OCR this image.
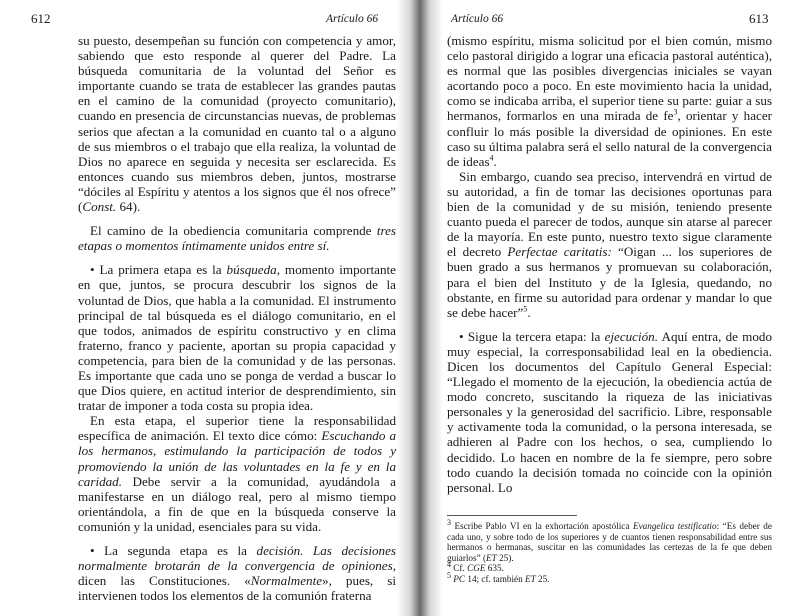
612	Artículo 66

su puesto, desempeñan su función con competencia y amor, sabiendo que esto responde al querer del Padre. La búsqueda comunitaria de la voluntad del Señor es importante cuando se trata de establecer las grandes pautas en el camino de la comunidad (proyecto comunitario), cuando en presencia de circunstancias nuevas, de problemas serios que afectan a la comunidad en cuanto tal o a alguno de sus miembros o el trabajo que ella realiza, la voluntad de Dios no aparece en seguida y necesita ser esclarecida. Es entonces cuando sus miembros deben, juntos, mostrarse “dóciles al Espíritu y atentos a los signos que él nos ofrece” (Const. 64).

El camino de la obediencia comunitaria comprende tres etapas o momentos íntimamente unidos entre sí.

• La primera etapa es la búsqueda, momento importante en que, juntos, se procura descubrir los signos de la voluntad de Dios, que habla a la comunidad. El instrumento principal de tal búsqueda es el diálogo comunitario, en el que todos, animados de espíritu constructivo y en clima fraterno, franco y paciente, aportan su propia capacidad y competencia, para bien de la comunidad y de las personas. Es importante que cada uno se ponga de verdad a buscar lo que Dios quiere, en actitud interior de desprendimiento, sin tratar de imponer a toda costa su propia idea.

En esta etapa, el superior tiene la responsabilidad específica de animación. El texto dice cómo: Escuchando a los hermanos, estimulando la participación de todos y promoviendo la unión de las voluntades en la fe y en la caridad. Debe servir a la comunidad, ayudándola a manifestarse en un diálogo real, pero al mismo tiempo orientándola, a fin de que en la búsqueda conserve la comunión y la unidad, esenciales para su vida.

• La segunda etapa es la decisión. Las decisiones normalmente brotarán de la convergencia de opiniones, dicen las Constituciones. «Normalmente», pues, si intervienen todos los elementos de la comunión fraterna

Artículo 66	613

(mismo espíritu, misma solicitud por el bien común, mismo celo pastoral dirigido a lograr una eficacia pastoral auténtica), es normal que las posibles divergencias iniciales se vayan acortando poco a poco. En este movimiento hacia la unidad, como se indicaba arriba, el superior tiene su parte: guiar a sus hermanos, formarlos en una mirada de $fe^3$, orientar y hacer confluir lo más posible la diversidad de opiniones. En este caso su última palabra será el sello natural de la convergencia de ideas$^4$.

Sin embargo, cuando sea preciso, intervendrá en virtud de su autoridad, a fin de tomar las decisiones oportunas para bien de la comunidad y de su misión, teniendo presente cuanto pueda el parecer de todos, aunque sin atarse al parecer de la mayoría. En este punto, nuestro texto sigue claramente el decreto Perfectae caritatis: “Oigan ... los superiores de buen grado a sus hermanos y promuevan su colaboración, para el bien del Instituto y de la Iglesia, quedando, no obstante, en firme su autoridad para ordenar y mandar lo que se debe hacer”$^5$.

• Sigue la tercera etapa: la ejecución. Aquí entra, de modo muy especial, la corresponsabilidad leal en la obediencia. Dicen los documentos del Capítulo General Especial: “Llegado el momento de la ejecución, la obediencia actúa de modo concreto, suscitando la riqueza de las iniciativas personales y la generosidad del sacrificio. Libre, responsable y activamente toda la comunidad, o la persona interesada, se adhieren al Padre con los hechos, o sea, cumpliendo lo decidido. Lo hacen en nombre de la fe siempre, pero sobre todo cuando la decisión tomada no coincide con la opinión personal. Lo

$^3$ Escribe Pablo VI en la exhortación apostólica Evangelica testificatio: “Es deber de cada uno, y sobre todo de los superiores y de cuantos tienen responsabilidad entre sus hermanos o hermanas, suscitar en las comunidades las certezas de la fe que deben guiarlos” (ET 25).

$^4$ Cf. CGE 635.

$^5$ PC 14; cf. también ET 25.
